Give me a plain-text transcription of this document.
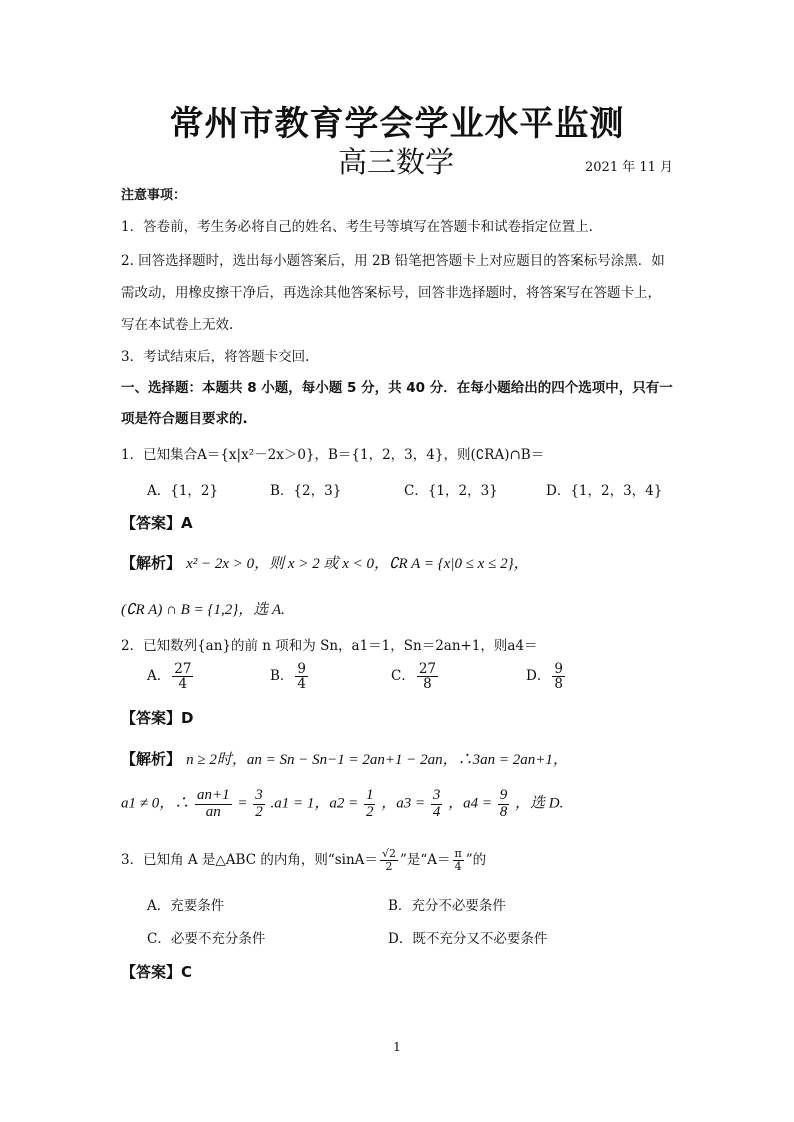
常州市教育学会学业水平监测
高三数学	2021 年 11 月
注意事项：
1．答卷前，考生务必将自己的姓名、考生号等填写在答题卡和试卷指定位置上.
2. 回答选择题时，选出每小题答案后，用 2B 铅笔把答题卡上对应题目的答案标号涂黑．如
需改动，用橡皮擦干净后，再选涂其他答案标号，回答非选择题时，将答案写在答题卡上，
写在本试卷上无效.
3．考试结束后，将答题卡交回.
一、选择题：本题共 8 小题，每小题 5 分，共 40 分．在每小题给出的四个选项中，只有一
项是符合题目要求的.
1．已知集合A＝{x|x²－2x＞0}，B＝{1，2，3，4}，则(∁RA)∩B＝
A．{1，2}	B．{2，3}	C．{1，2，3}	D．{1，2，3，4}
【答案】A
【解析】 x² − 2x > 0，则 x > 2 或 x < 0，∁R A = {x|0 ≤ x ≤ 2}，
(∁R A) ∩ B = {1,2}，选 A.
2．已知数列{an}的前 n 项和为 Sn，a1＝1，Sn＝2an+1，则a4＝
A． $\frac{27}{4}$	B． $\frac{9}{4}$	C． $\frac{27}{8}$	D． $\frac{9}{8}$
【答案】D
【解析】 n ≥ 2时，an = Sn − Sn−1 = 2an+1 − 2an，∴3an = 2an+1，
a1 ≠ 0，∴ $\frac{an+1}{an} = \frac{3}{2} .a1 = 1$，$a2 = \frac{1}{2}$ ，$a3 = \frac{3}{4}$ ，$a4 = \frac{9}{8}$ ，选 D.
3．已知角 A 是△ABC 的内角，则“$\sin A= \frac{√2}{2}$ ”是“$A= \frac{\pi}{4}$ ”的
A．充要条件	B．充分不必要条件
C．必要不充分条件	D．既不充分又不必要条件
【答案】C
1
